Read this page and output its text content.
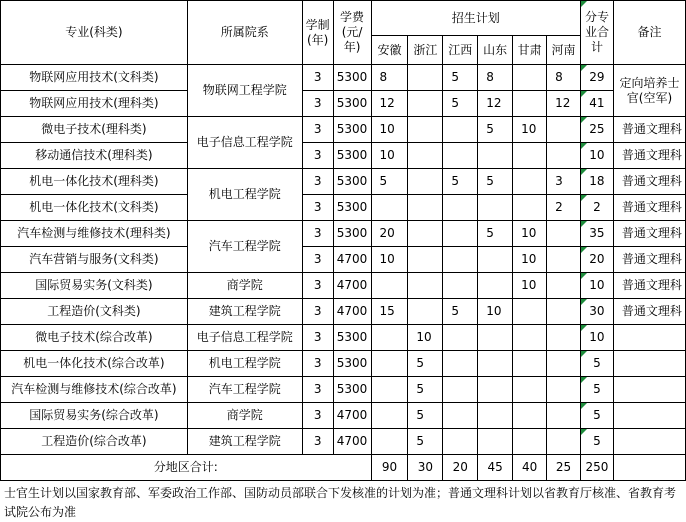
专业(科类)	所属院系	学制(年)	学费(元/年)	招生计划						分专业合计	备注
				安徽	浙江	江西	山东	甘肃	河南		
物联网应用技术(文科类)	物联网工程学院	3	5300	8		5	8		8	29	定向培养士官(空军)
物联网应用技术(理科类)		3	5300	12		5	12		12	41	
微电子技术(理科类)	电子信息工程学院	3	5300	10			5	10		25	普通文理科
移动通信技术(理科类)		3	5300	10						10	普通文理科
机电一体化技术(理科类)	机电工程学院	3	5300	5		5	5		3	18	普通文理科
机电一体化技术(文科类)		3	5300						2	2	普通文理科
汽车检测与维修技术(理科类)	汽车工程学院	3	5300	20			5	10		35	普通文理科
汽车营销与服务(文科类)		3	4700	10				10		20	普通文理科
国际贸易实务(文科类)	商学院	3	4700					10		10	普通文理科
工程造价(文科类)	建筑工程学院	3	4700	15		5	10			30	普通文理科
微电子技术(综合改革)	电子信息工程学院	3	5300		10					10	
机电一体化技术(综合改革)	机电工程学院	3	5300		5					5	
汽车检测与维修技术(综合改革)	汽车工程学院	3	5300		5					5	
国际贸易实务(综合改革)	商学院	3	4700		5					5	
工程造价(综合改革)	建筑工程学院	3	4700		5					5	
分地区合计:				90	30	20	45	40	25	250	
士官生计划以国家教育部、军委政治工作部、国防动员部联合下发核准的计划为准；普通文理科计划以省教育厅核准、省教育考试院公布为准
